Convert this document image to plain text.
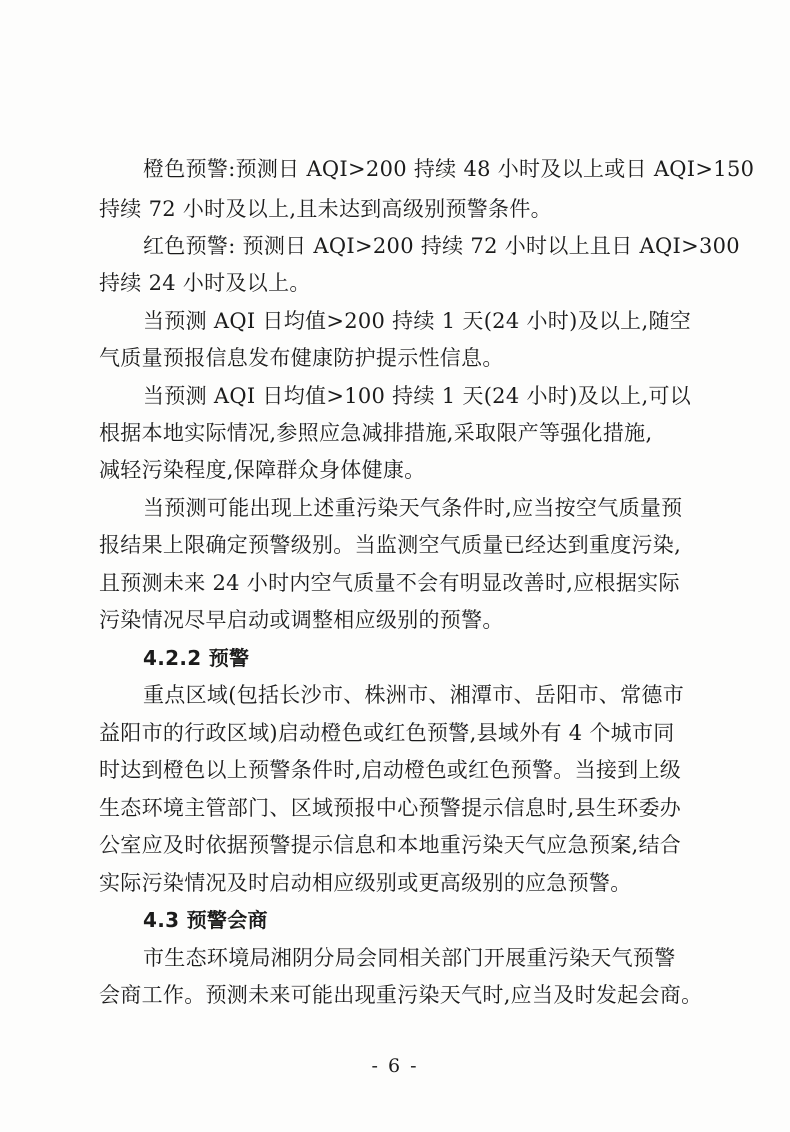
橙色预警:预测日 AQI>200 持续 48 小时及以上或日 AQI>150
持续 72 小时及以上,且未达到高级别预警条件。
红色预警: 预测日 AQI>200 持续 72 小时以上且日 AQI>300
持续 24 小时及以上。
当预测 AQI 日均值>200 持续 1 天(24 小时)及以上,随空
气质量预报信息发布健康防护提示性信息。
当预测 AQI 日均值>100 持续 1 天(24 小时)及以上,可以
根据本地实际情况,参照应急减排措施,采取限产等强化措施,
减轻污染程度,保障群众身体健康。
当预测可能出现上述重污染天气条件时,应当按空气质量预
报结果上限确定预警级别。当监测空气质量已经达到重度污染,
且预测未来 24 小时内空气质量不会有明显改善时,应根据实际
污染情况尽早启动或调整相应级别的预警。
4.2.2 预警
重点区域(包括长沙市、株洲市、湘潭市、岳阳市、常德市
益阳市的行政区域)启动橙色或红色预警,县域外有 4 个城市同
时达到橙色以上预警条件时,启动橙色或红色预警。当接到上级
生态环境主管部门、区域预报中心预警提示信息时,县生环委办
公室应及时依据预警提示信息和本地重污染天气应急预案,结合
实际污染情况及时启动相应级别或更高级别的应急预警。
4.3 预警会商
市生态环境局湘阴分局会同相关部门开展重污染天气预警
会商工作。预测未来可能出现重污染天气时,应当及时发起会商。
- 6 -
